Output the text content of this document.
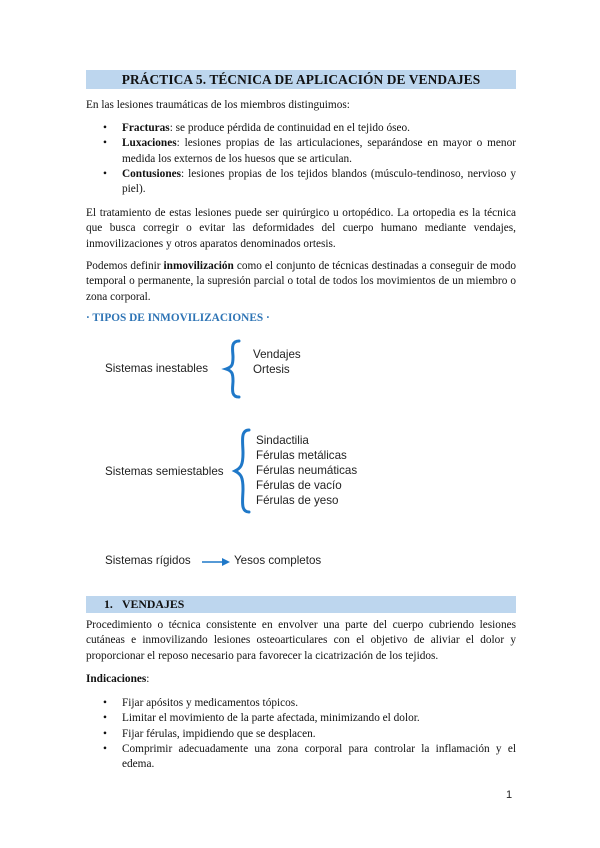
PRÁCTICA 5. TÉCNICA DE APLICACIÓN DE VENDAJES

En las lesiones traumáticas de los miembros distinguimos:

• Fracturas: se produce pérdida de continuidad en el tejido óseo.
• Luxaciones: lesiones propias de las articulaciones, separándose en mayor o menor medida los externos de los huesos que se articulan.
• Contusiones: lesiones propias de los tejidos blandos (músculo-tendinoso, nervioso y piel).

El tratamiento de estas lesiones puede ser quirúrgico u ortopédico. La ortopedia es la técnica que busca corregir o evitar las deformidades del cuerpo humano mediante vendajes, inmovilizaciones y otros aparatos denominados ortesis.

Podemos definir inmovilización como el conjunto de técnicas destinadas a conseguir de modo temporal o permanente, la supresión parcial o total de todos los movimientos de un miembro o zona corporal.

· TIPOS DE INMOVILIZACIONES ·
Sistemas inestables
Vendajes
Ortesis
Sistemas semiestables
Sindactilia
Férulas metálicas
Férulas neumáticas
Férulas de vacío
Férulas de yeso
Sistemas rígidos	Yesos completos
1. VENDAJES

Procedimiento o técnica consistente en envolver una parte del cuerpo cubriendo lesiones cutáneas e inmovilizando lesiones osteoarticulares con el objetivo de aliviar el dolor y proporcionar el reposo necesario para favorecer la cicatrización de los tejidos.

Indicaciones:

• Fijar apósitos y medicamentos tópicos.
• Limitar el movimiento de la parte afectada, minimizando el dolor.
• Fijar férulas, impidiendo que se desplacen.
• Comprimir adecuadamente una zona corporal para controlar la inflamación y el edema.
1
